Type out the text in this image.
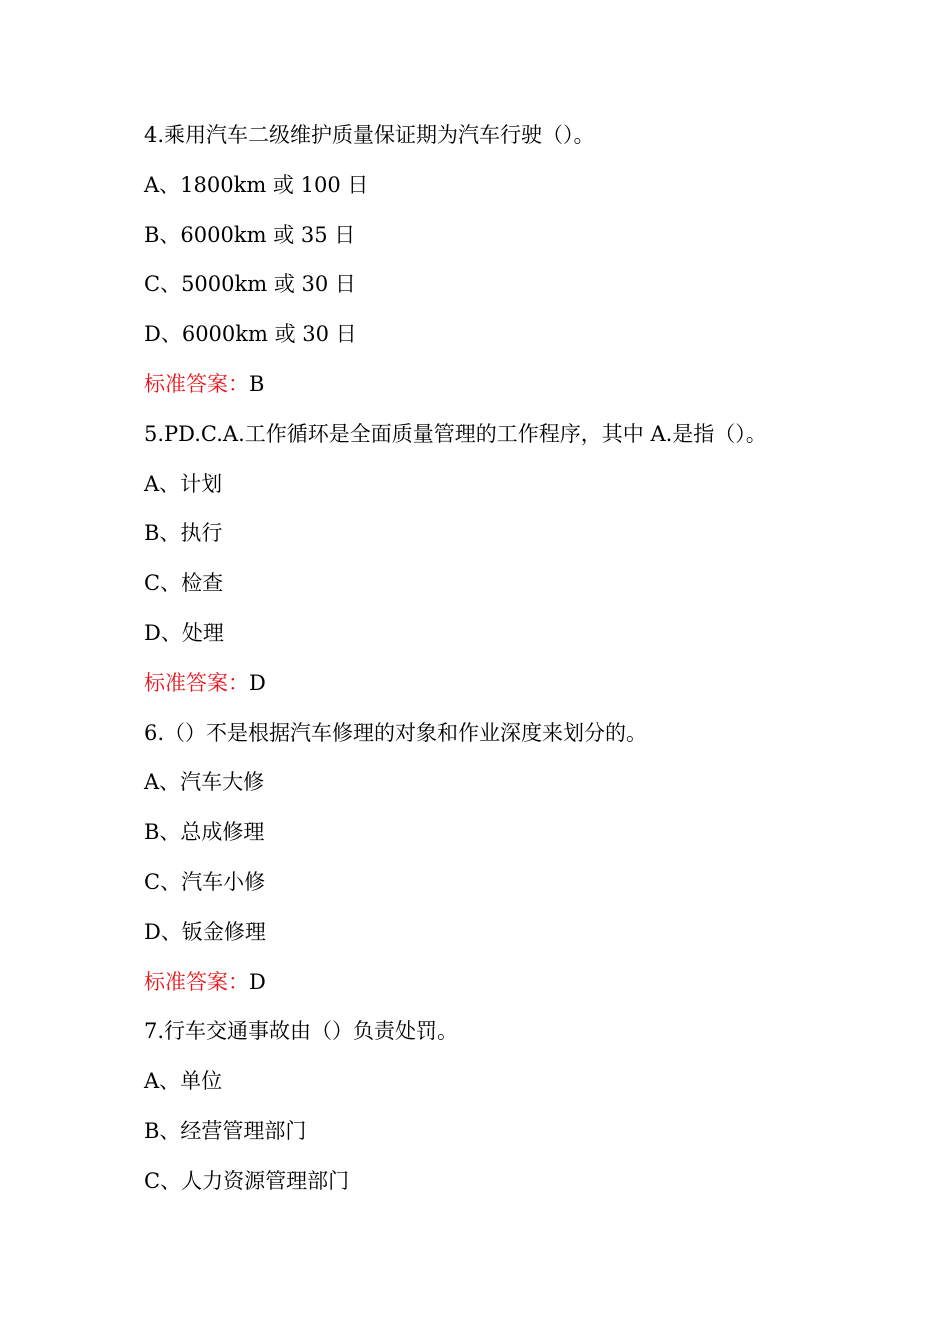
4.乘用汽车二级维护质量保证期为汽车行驶（）。
A、1800km 或 100 日
B、6000km 或 35 日
C、5000km 或 30 日
D、6000km 或 30 日
标准答案：B
5.PD.C.A.工作循环是全面质量管理的工作程序，其中 A.是指（）。
A、计划
B、执行
C、检查
D、处理
标准答案：D
6.（）不是根据汽车修理的对象和作业深度来划分的。
A、汽车大修
B、总成修理
C、汽车小修
D、钣金修理
标准答案：D
7.行车交通事故由（）负责处罚。
A、单位
B、经营管理部门
C、人力资源管理部门
